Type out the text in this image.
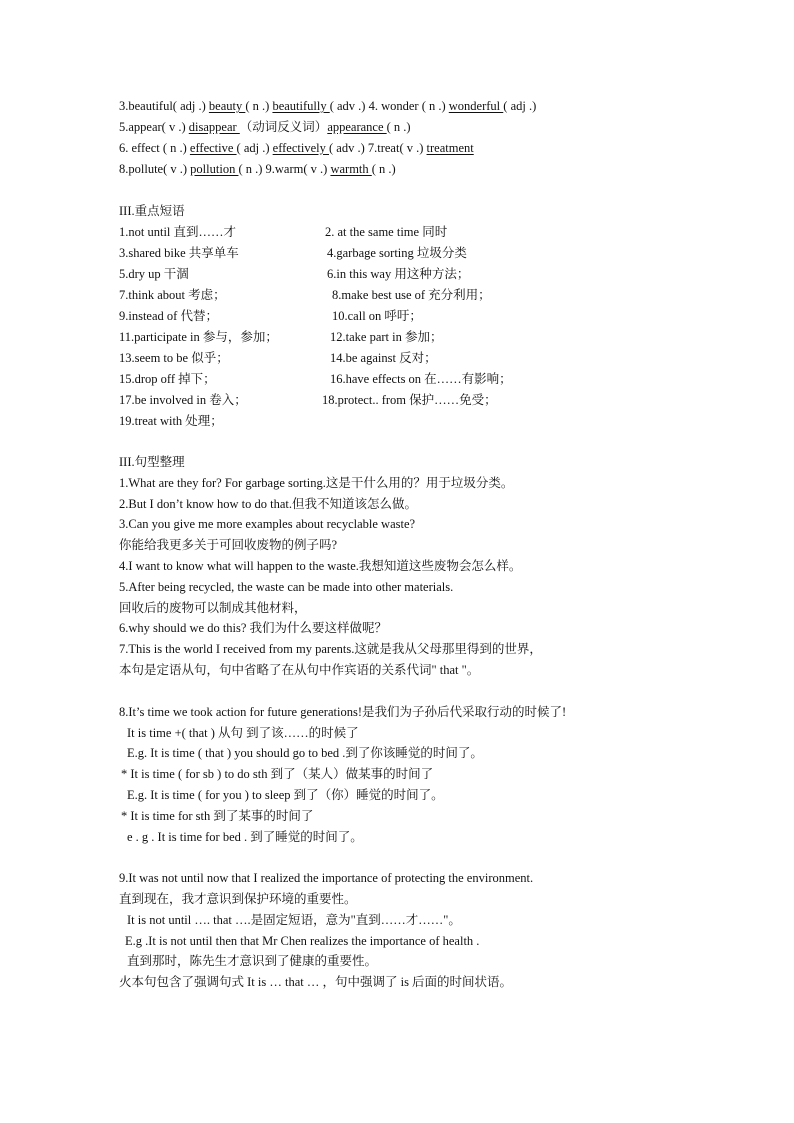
3.beautiful( adj .) beauty ( n .) beautifully ( adv .) 4. wonder ( n .) wonderful ( adj .)
5.appear( v .) disappear （动词反义词）appearance ( n .)
6. effect ( n .) effective ( adj .) effectively ( adv .) 7.treat( v .) treatment
8.pollute( v .) pollution ( n .) 9.warm( v .) warmth ( n .)
III.重点短语
1.not until 直到……才	2. at the same time 同时
3.shared bike 共享单车	4.garbage sorting 垃圾分类
5.dry up 干涸	6.in this way 用这种方法；
7.think about 考虑；	8.make best use of 充分利用；
9.instead of 代替；	10.call on 呼吁；
11.participate in 参与，参加；	12.take part in 参加；
13.seem to be 似乎；	14.be against 反对；
15.drop off 掉下；	16.have effects on 在……有影响；
17.be involved in 卷入；	18.protect.. from 保护……免受；
19.treat with 处理；
III.句型整理
1.What are they for? For garbage sorting.这是干什么用的？用于垃圾分类。
2.But I don’t know how to do that.但我不知道该怎么做。
3.Can you give me more examples about recyclable waste?
你能给我更多关于可回收废物的例子吗?
4.I want to know what will happen to the waste.我想知道这些废物会怎么样。
5.After being recycled, the waste can be made into other materials.
回收后的废物可以制成其他材料，
6.why should we do this? 我们为什么要这样做呢？
7.This is the world I received from my parents.这就是我从父母那里得到的世界，
本句是定语从句，句中省略了在从句中作宾语的关系代词" that "。
8.It’s time we took action for future generations!是我们为子孙后代采取行动的时候了!
It is time +( that ) 从句 到了该……的时候了
E.g. It is time ( that ) you should go to bed .到了你该睡觉的时间了。
* It is time ( for sb ) to do sth 到了（某人）做某事的时间了
E.g. It is time ( for you ) to sleep 到了（你）睡觉的时间了。
* It is time for sth 到了某事的时间了
e . g . It is time for bed . 到了睡觉的时间了。
9.It was not until now that I realized the importance of protecting the environment.
直到现在，我才意识到保护环境的重要性。
It is not until …. that ….是固定短语，意为"直到……才……"。
E.g .It is not until then that Mr Chen realizes the importance of health .
直到那时，陈先生才意识到了健康的重要性。
火本句包含了强调句式 It is … that … ，句中强调了 is 后面的时间状语。
